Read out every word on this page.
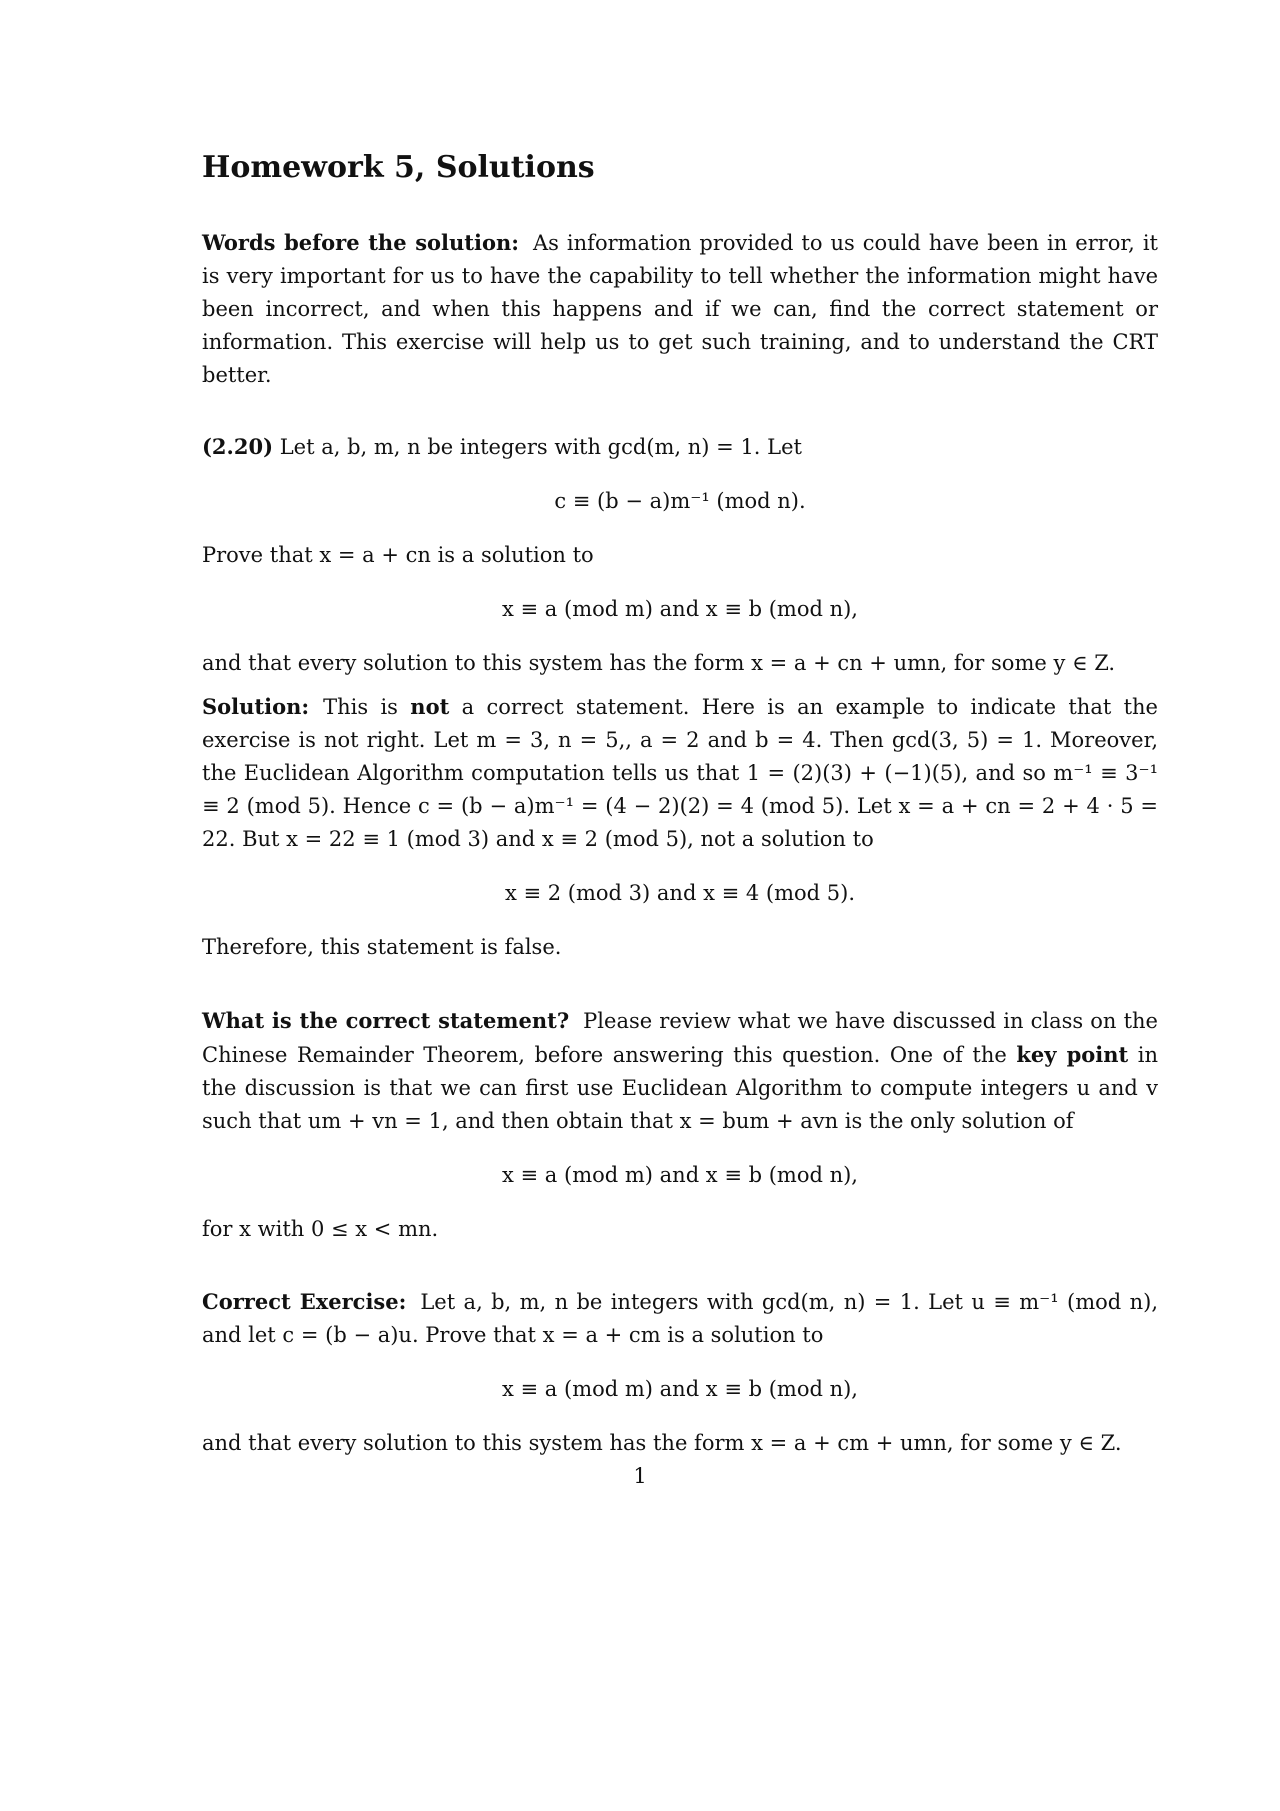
Homework 5, Solutions

Words before the solution: As information provided to us could have been in error, it is very important for us to have the capability to tell whether the information might have been incorrect, and when this happens and if we can, find the correct statement or information. This exercise will help us to get such training, and to understand the CRT better.

(2.20) Let a, b, m, n be integers with gcd(m, n) = 1. Let

c ≡ (b − a)m⁻¹ (mod n).

Prove that x = a + cn is a solution to

x ≡ a (mod m) and x ≡ b (mod n),

and that every solution to this system has the form x = a + cn + umn, for some y ∈ Z.

Solution: This is not a correct statement. Here is an example to indicate that the exercise is not right. Let m = 3, n = 5,, a = 2 and b = 4. Then gcd(3, 5) = 1. Moreover, the Euclidean Algorithm computation tells us that 1 = (2)(3) + (−1)(5), and so m⁻¹ ≡ 3⁻¹ ≡ 2 (mod 5). Hence c = (b − a)m⁻¹ = (4 − 2)(2) = 4 (mod 5). Let x = a + cn = 2 + 4 · 5 = 22. But x = 22 ≡ 1 (mod 3) and x ≡ 2 (mod 5), not a solution to

x ≡ 2 (mod 3) and x ≡ 4 (mod 5).

Therefore, this statement is false.

What is the correct statement? Please review what we have discussed in class on the Chinese Remainder Theorem, before answering this question. One of the key point in the discussion is that we can first use Euclidean Algorithm to compute integers u and v such that um + vn = 1, and then obtain that x = bum + avn is the only solution of

x ≡ a (mod m) and x ≡ b (mod n),

for x with 0 ≤ x < mn.

Correct Exercise: Let a, b, m, n be integers with gcd(m, n) = 1. Let u ≡ m⁻¹ (mod n), and let c = (b − a)u. Prove that x = a + cm is a solution to

x ≡ a (mod m) and x ≡ b (mod n),

and that every solution to this system has the form x = a + cm + umn, for some y ∈ Z.

1
